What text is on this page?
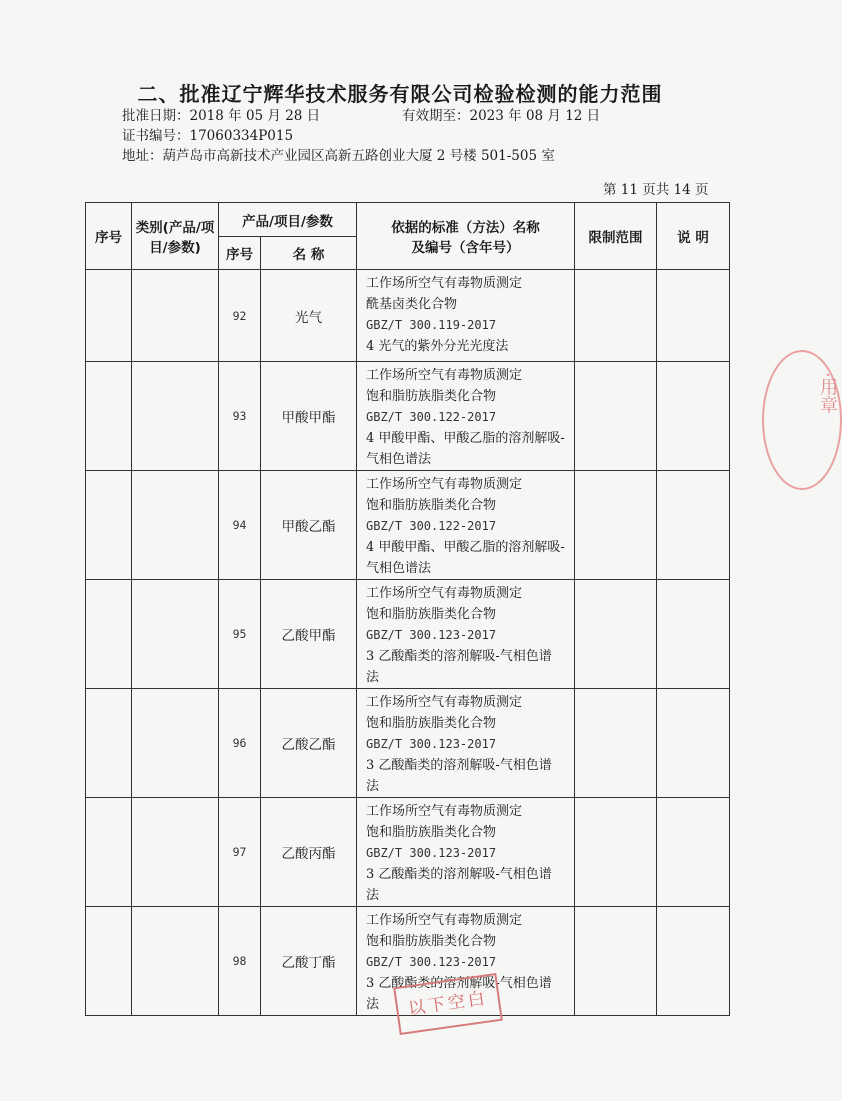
二、批准辽宁辉华技术服务有限公司检验检测的能力范围
批准日期：2018 年 05 月 28 日	有效期至：2023 年 08 月 12 日
证书编号：17060334P015
地址：葫芦岛市高新技术产业园区高新五路创业大厦 2 号楼 501-505 室
第 11 页共 14 页
序号	类别(产品/项目/参数)	产品/项目/参数		依据的标准（方法）名称
及编号（含年号）	限制范围	说 明
		序号	名 称			
		92	光气	工作场所空气有毒物质测定
酰基卤类化合物
GBZ/T 300.119-2017
4 光气的紫外分光光度法		

		93	甲酸甲酯	工作场所空气有毒物质测定
饱和脂肪族脂类化合物
GBZ/T 300.122-2017
4 甲酸甲酯、甲酸乙脂的溶剂解吸-
气相色谱法		

		94	甲酸乙酯	工作场所空气有毒物质测定
饱和脂肪族脂类化合物
GBZ/T 300.122-2017
4 甲酸甲酯、甲酸乙脂的溶剂解吸-
气相色谱法		

		95	乙酸甲酯	工作场所空气有毒物质测定
饱和脂肪族脂类化合物
GBZ/T 300.123-2017
3 乙酸酯类的溶剂解吸-气相色谱
法		

		96	乙酸乙酯	工作场所空气有毒物质测定
饱和脂肪族脂类化合物
GBZ/T 300.123-2017
3 乙酸酯类的溶剂解吸-气相色谱
法		

		97	乙酸丙酯	工作场所空气有毒物质测定
饱和脂肪族脂类化合物
GBZ/T 300.123-2017
3 乙酸酯类的溶剂解吸-气相色谱
法		

		98	乙酸丁酯	工作场所空气有毒物质测定
饱和脂肪族脂类化合物
GBZ/T 300.123-2017
3 乙酸酯类的溶剂解吸-气相色谱
法		
			以下空白
·用章
